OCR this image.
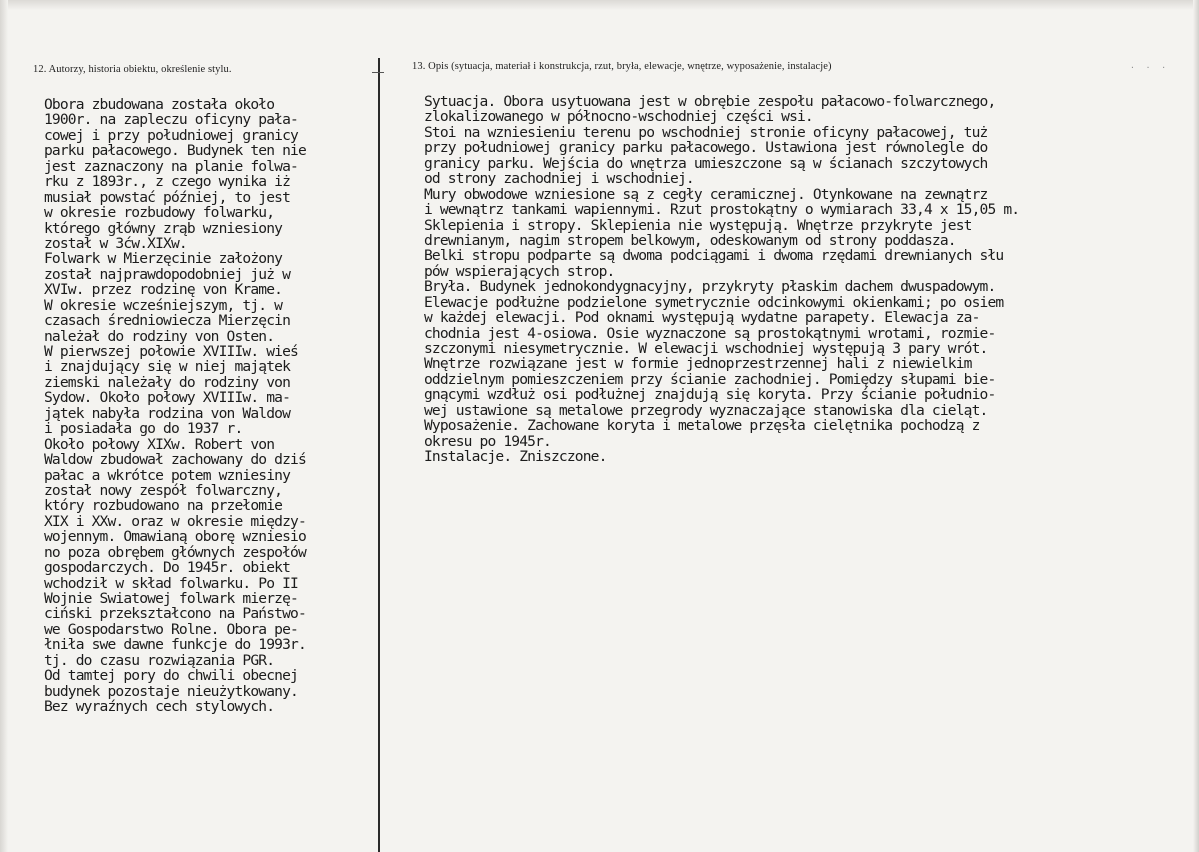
12. Autorzy, historia obiektu, określenie stylu.	13. Opis (sytuacja, materiał i konstrukcja, rzut, bryła, elewacje, wnętrze, wyposażenie, instalacje)	· · ·
Obora zbudowana została około
1900r. na zapleczu oficyny pała-
cowej i przy południowej granicy
parku pałacowego. Budynek ten nie
jest zaznaczony na planie folwa-
rku z 1893r., z czego wynika iż
musiał powstać później, to jest
w okresie rozbudowy folwarku,
którego główny zrąb wzniesiony
został w 3ćw.XIXw.
Folwark w Mierzęcinie założony
został najprawdopodobniej już w
XVIw. przez rodzinę von Krame.
W okresie wcześniejszym, tj. w
czasach średniowiecza Mierzęcin
należał do rodziny von Osten.
W pierwszej połowie XVIIIw. wieś
i znajdujący się w niej majątek
ziemski należały do rodziny von
Sydow. Około połowy XVIIIw. ma-
jątek nabyła rodzina von Waldow
i posiadała go do 1937 r.
Około połowy XIXw. Robert von
Waldow zbudował zachowany do dziś
pałac a wkrótce potem wzniesiny
został nowy zespół folwarczny,
który rozbudowano na przełomie
XIX i XXw. oraz w okresie między-
wojennym. Omawianą oborę wzniesio
no poza obrębem głównych zespołów
gospodarczych. Do 1945r. obiekt
wchodził w skład folwarku. Po II
Wojnie Swiatowej folwark mierzę-
ciński przekształcono na Państwo-
we Gospodarstwo Rolne. Obora pe-
łniła swe dawne funkcje do 1993r.
tj. do czasu rozwiązania PGR.
Od tamtej pory do chwili obecnej
budynek pozostaje nieużytkowany.
Bez wyraźnych cech stylowych.
Sytuacja. Obora usytuowana jest w obrębie zespołu pałacowo-folwarcznego,
zlokalizowanego w północno-wschodniej części wsi.
Stoi na wzniesieniu terenu po wschodniej stronie oficyny pałacowej, tuż
przy południowej granicy parku pałacowego. Ustawiona jest równolegle do
granicy parku. Wejścia do wnętrza umieszczone są w ścianach szczytowych
od strony zachodniej i wschodniej.
Mury obwodowe wzniesione są z cegły ceramicznej. Otynkowane na zewnątrz
i wewnątrz tankami wapiennymi. Rzut prostokątny o wymiarach 33,4 x 15,05 m.
Sklepienia i stropy. Sklepienia nie występują. Wnętrze przykryte jest
drewnianym, nagim stropem belkowym, odeskowanym od strony poddasza.
Belki stropu podparte są dwoma podciągami i dwoma rzędami drewnianych słu
pów wspierających strop.
Bryła. Budynek jednokondygnacyjny, przykryty płaskim dachem dwuspadowym.
Elewacje podłużne podzielone symetrycznie odcinkowymi okienkami; po osiem
w każdej elewacji. Pod oknami występują wydatne parapety. Elewacja za-
chodnia jest 4-osiowa. Osie wyznaczone są prostokątnymi wrotami, rozmie-
szczonymi niesymetrycznie. W elewacji wschodniej występują 3 pary wrót.
Wnętrze rozwiązane jest w formie jednoprzestrzennej hali z niewielkim
oddzielnym pomieszczeniem przy ścianie zachodniej. Pomiędzy słupami bie-
gnącymi wzdłuż osi podłużnej znajdują się koryta. Przy ścianie południo-
wej ustawione są metalowe przegrody wyznaczające stanowiska dla cieląt.
Wyposażenie. Zachowane koryta i metalowe przęsła cielętnika pochodzą z
okresu po 1945r.
Instalacje. Zniszczone.
